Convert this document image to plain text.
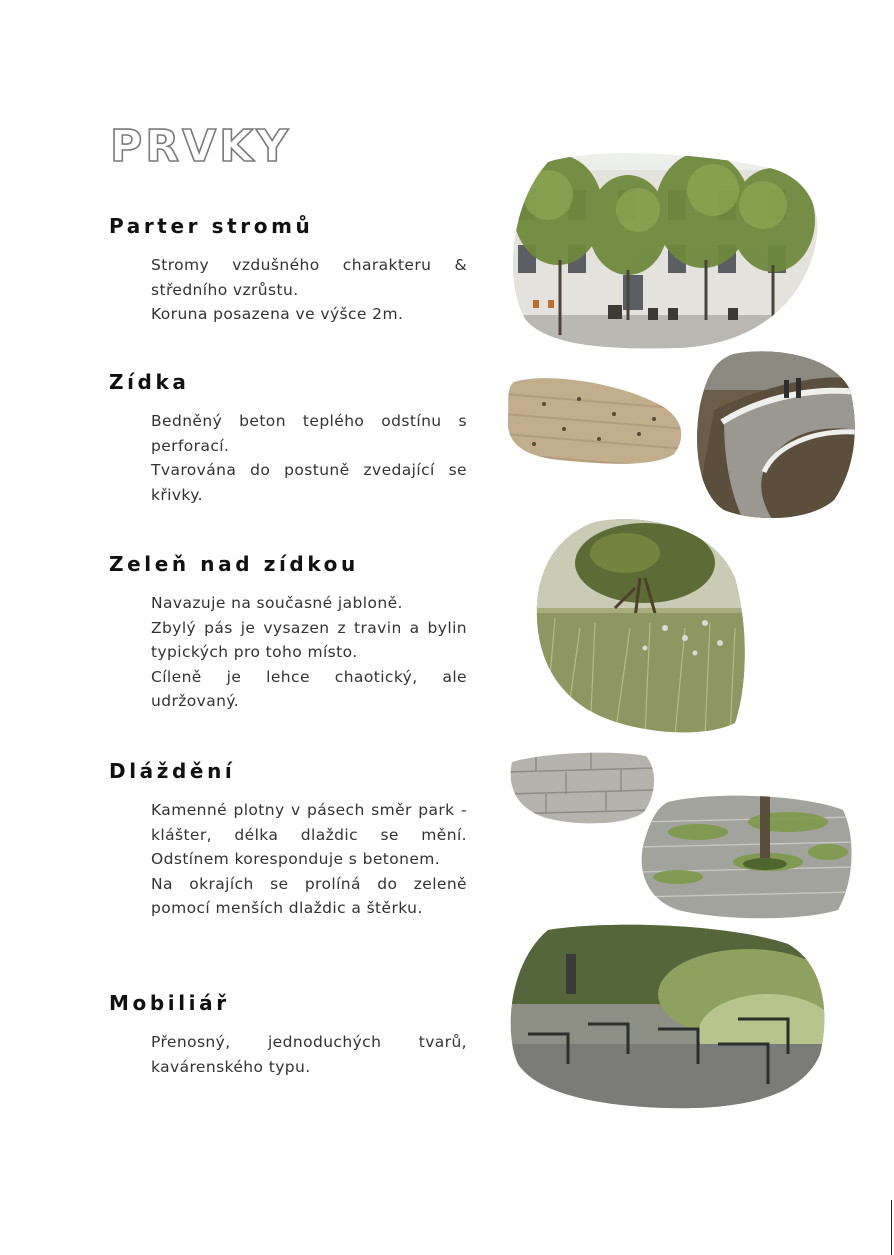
PRVKY
Parter stromů

Stromy vzdušného charakteru & středního vzrůstu.

Koruna posazena ve výšce 2m.

Zídka

Bedněný beton teplého odstínu s perforací.

Tvarována do postuně zvedající se křivky.

Zeleň nad zídkou

Navazuje na současné jabloně.

Zbylý pás je vysazen z travin a bylin typických pro toho místo.

Cíleně je lehce chaotický, ale udržovaný.

Dláždění

Kamenné plotny v pásech směr park - klášter, délka dlaždic se mění. Odstínem koresponduje s betonem.

Na okrajích se prolíná do zeleně pomocí menších dlaždic a štěrku.

Mobiliář

Přenosný, jednoduchých tvarů, kavárenského typu.
